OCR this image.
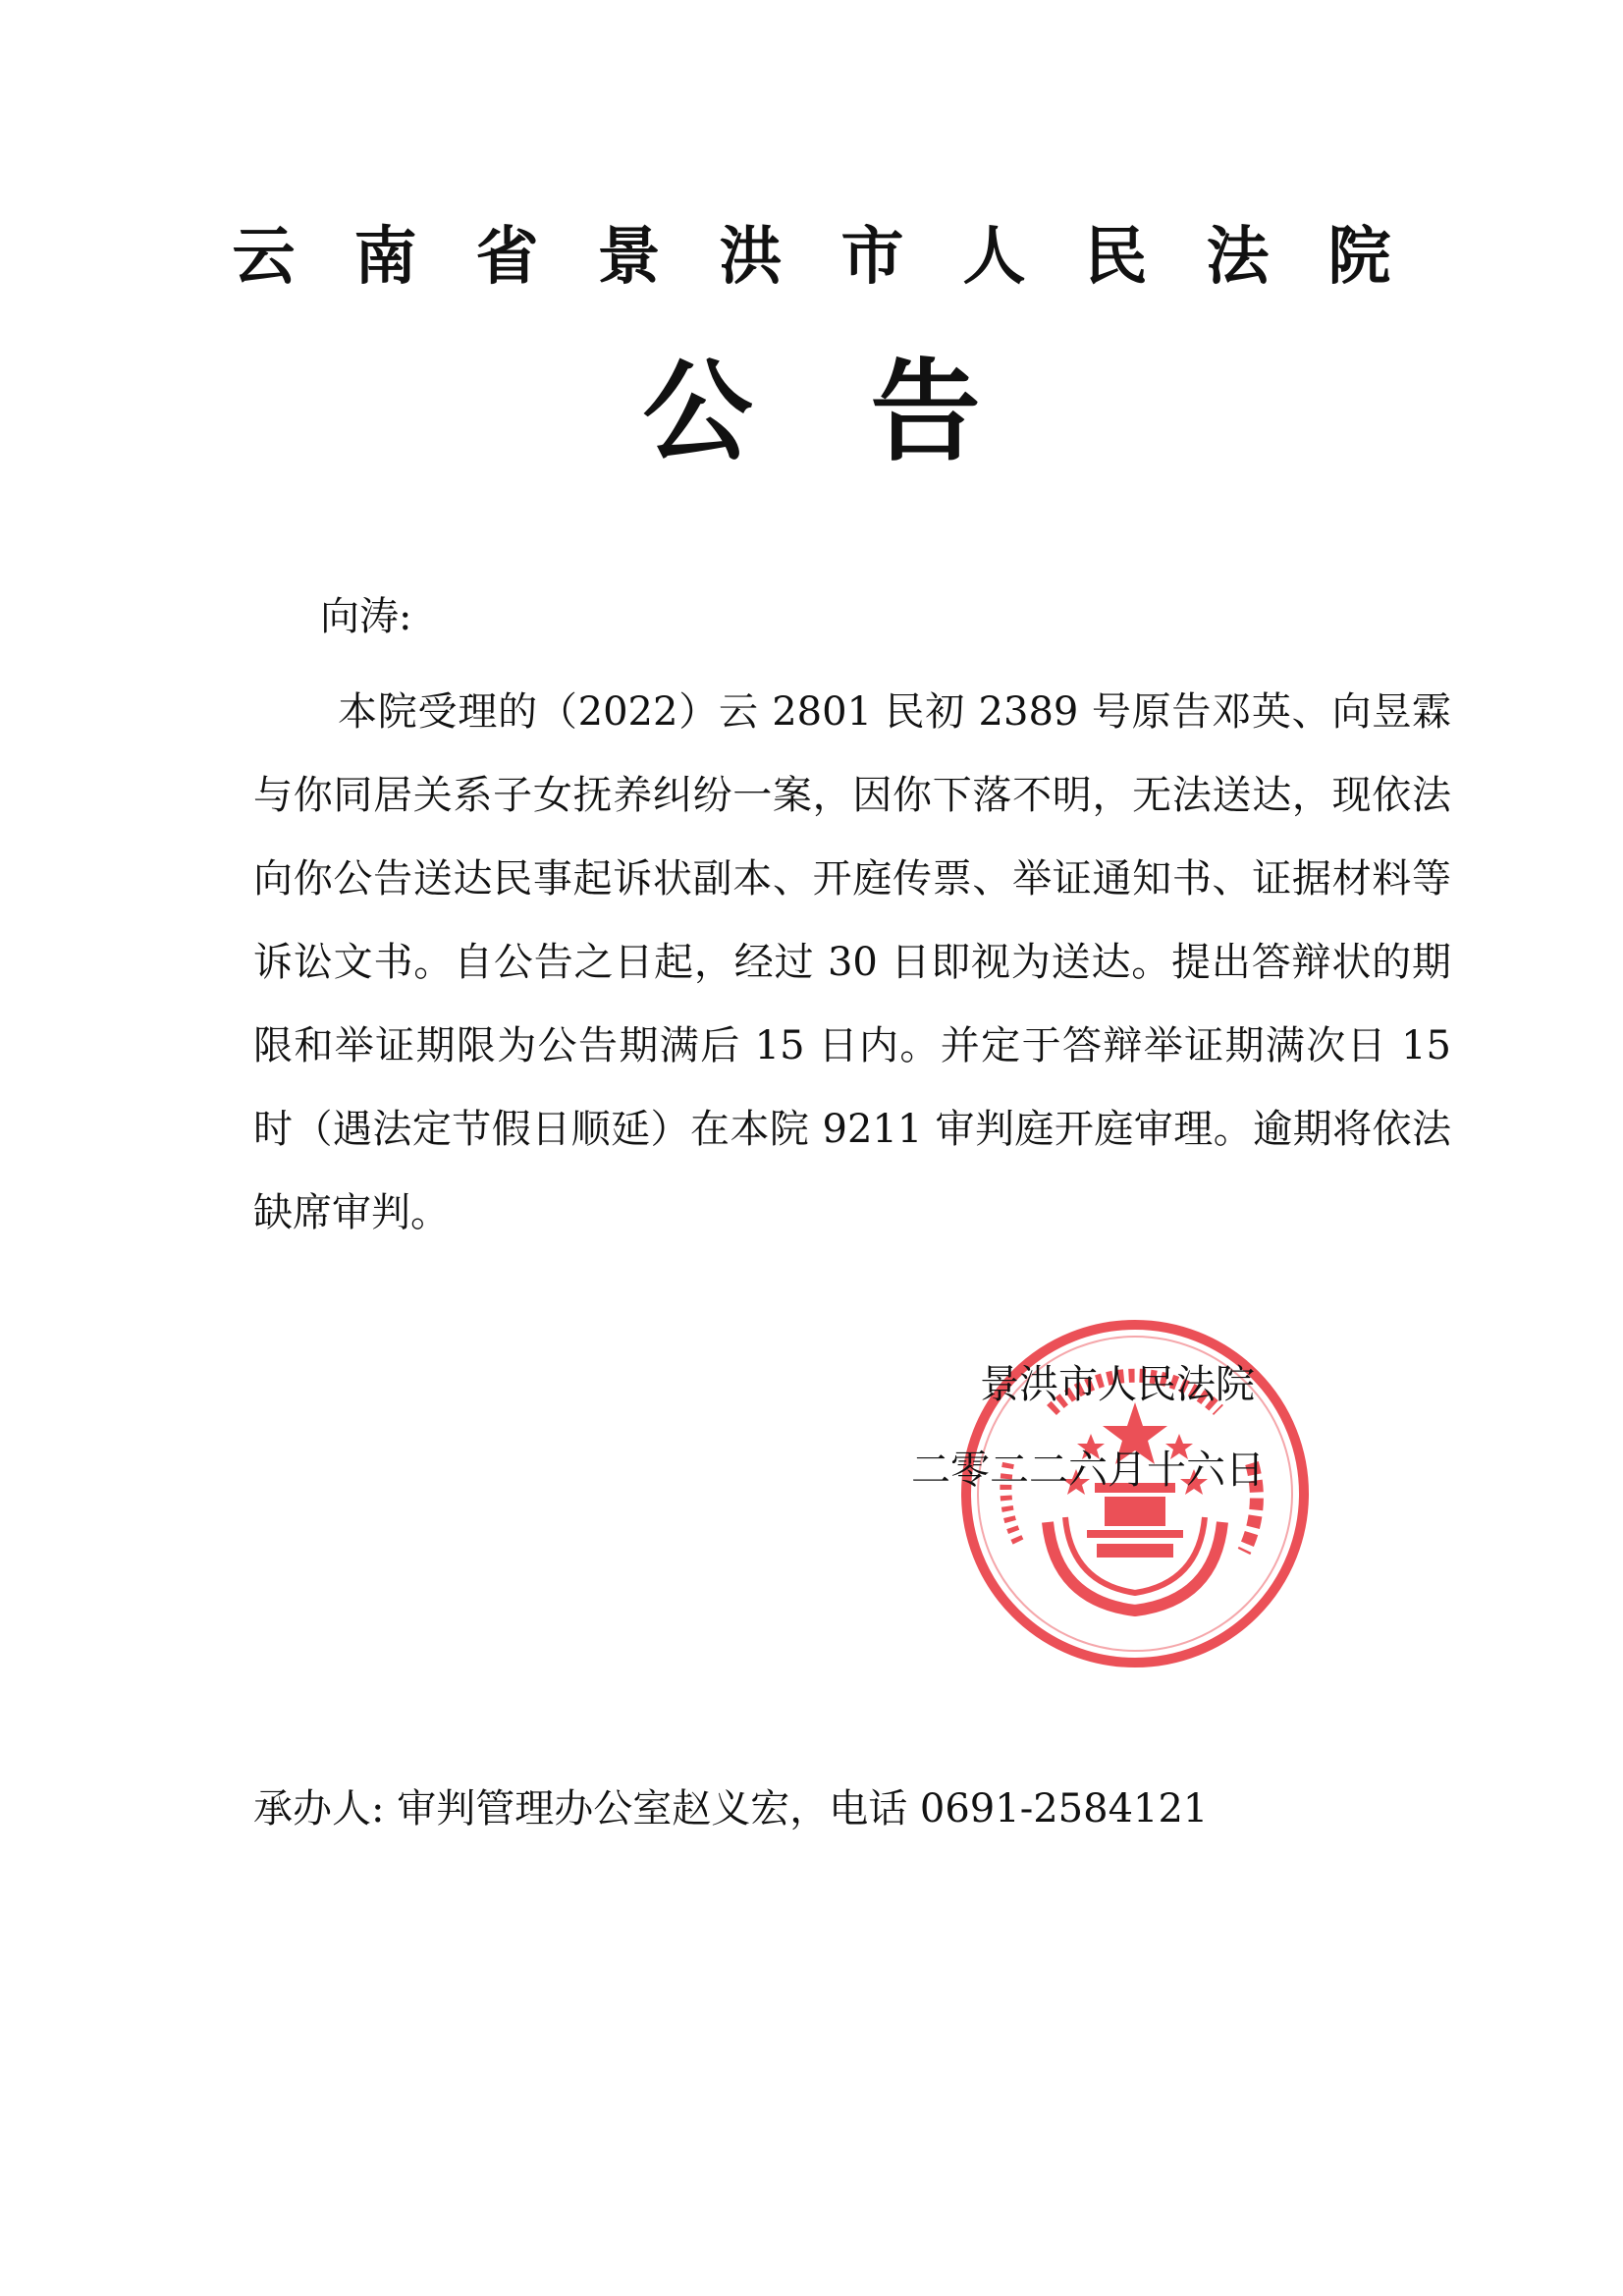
云南省景洪市人民法院
公告
向涛:

本院受理的（2022）云 2801 民初 2389 号原告邓英、向昱霖与你同居关系子女抚养纠纷一案，因你下落不明，无法送达，现依法向你公告送达民事起诉状副本、开庭传票、举证通知书、证据材料等诉讼文书。自公告之日起，经过 30 日即视为送达。提出答辩状的期限和举证期限为公告期满后 15 日内。并定于答辩举证期满次日 15 时（遇法定节假日顺延）在本院 9211 审判庭开庭审理。逾期将依法缺席审判。

景洪市人民法院
二零二二六月十六日
承办人: 审判管理办公室赵义宏，电话 0691-2584121
